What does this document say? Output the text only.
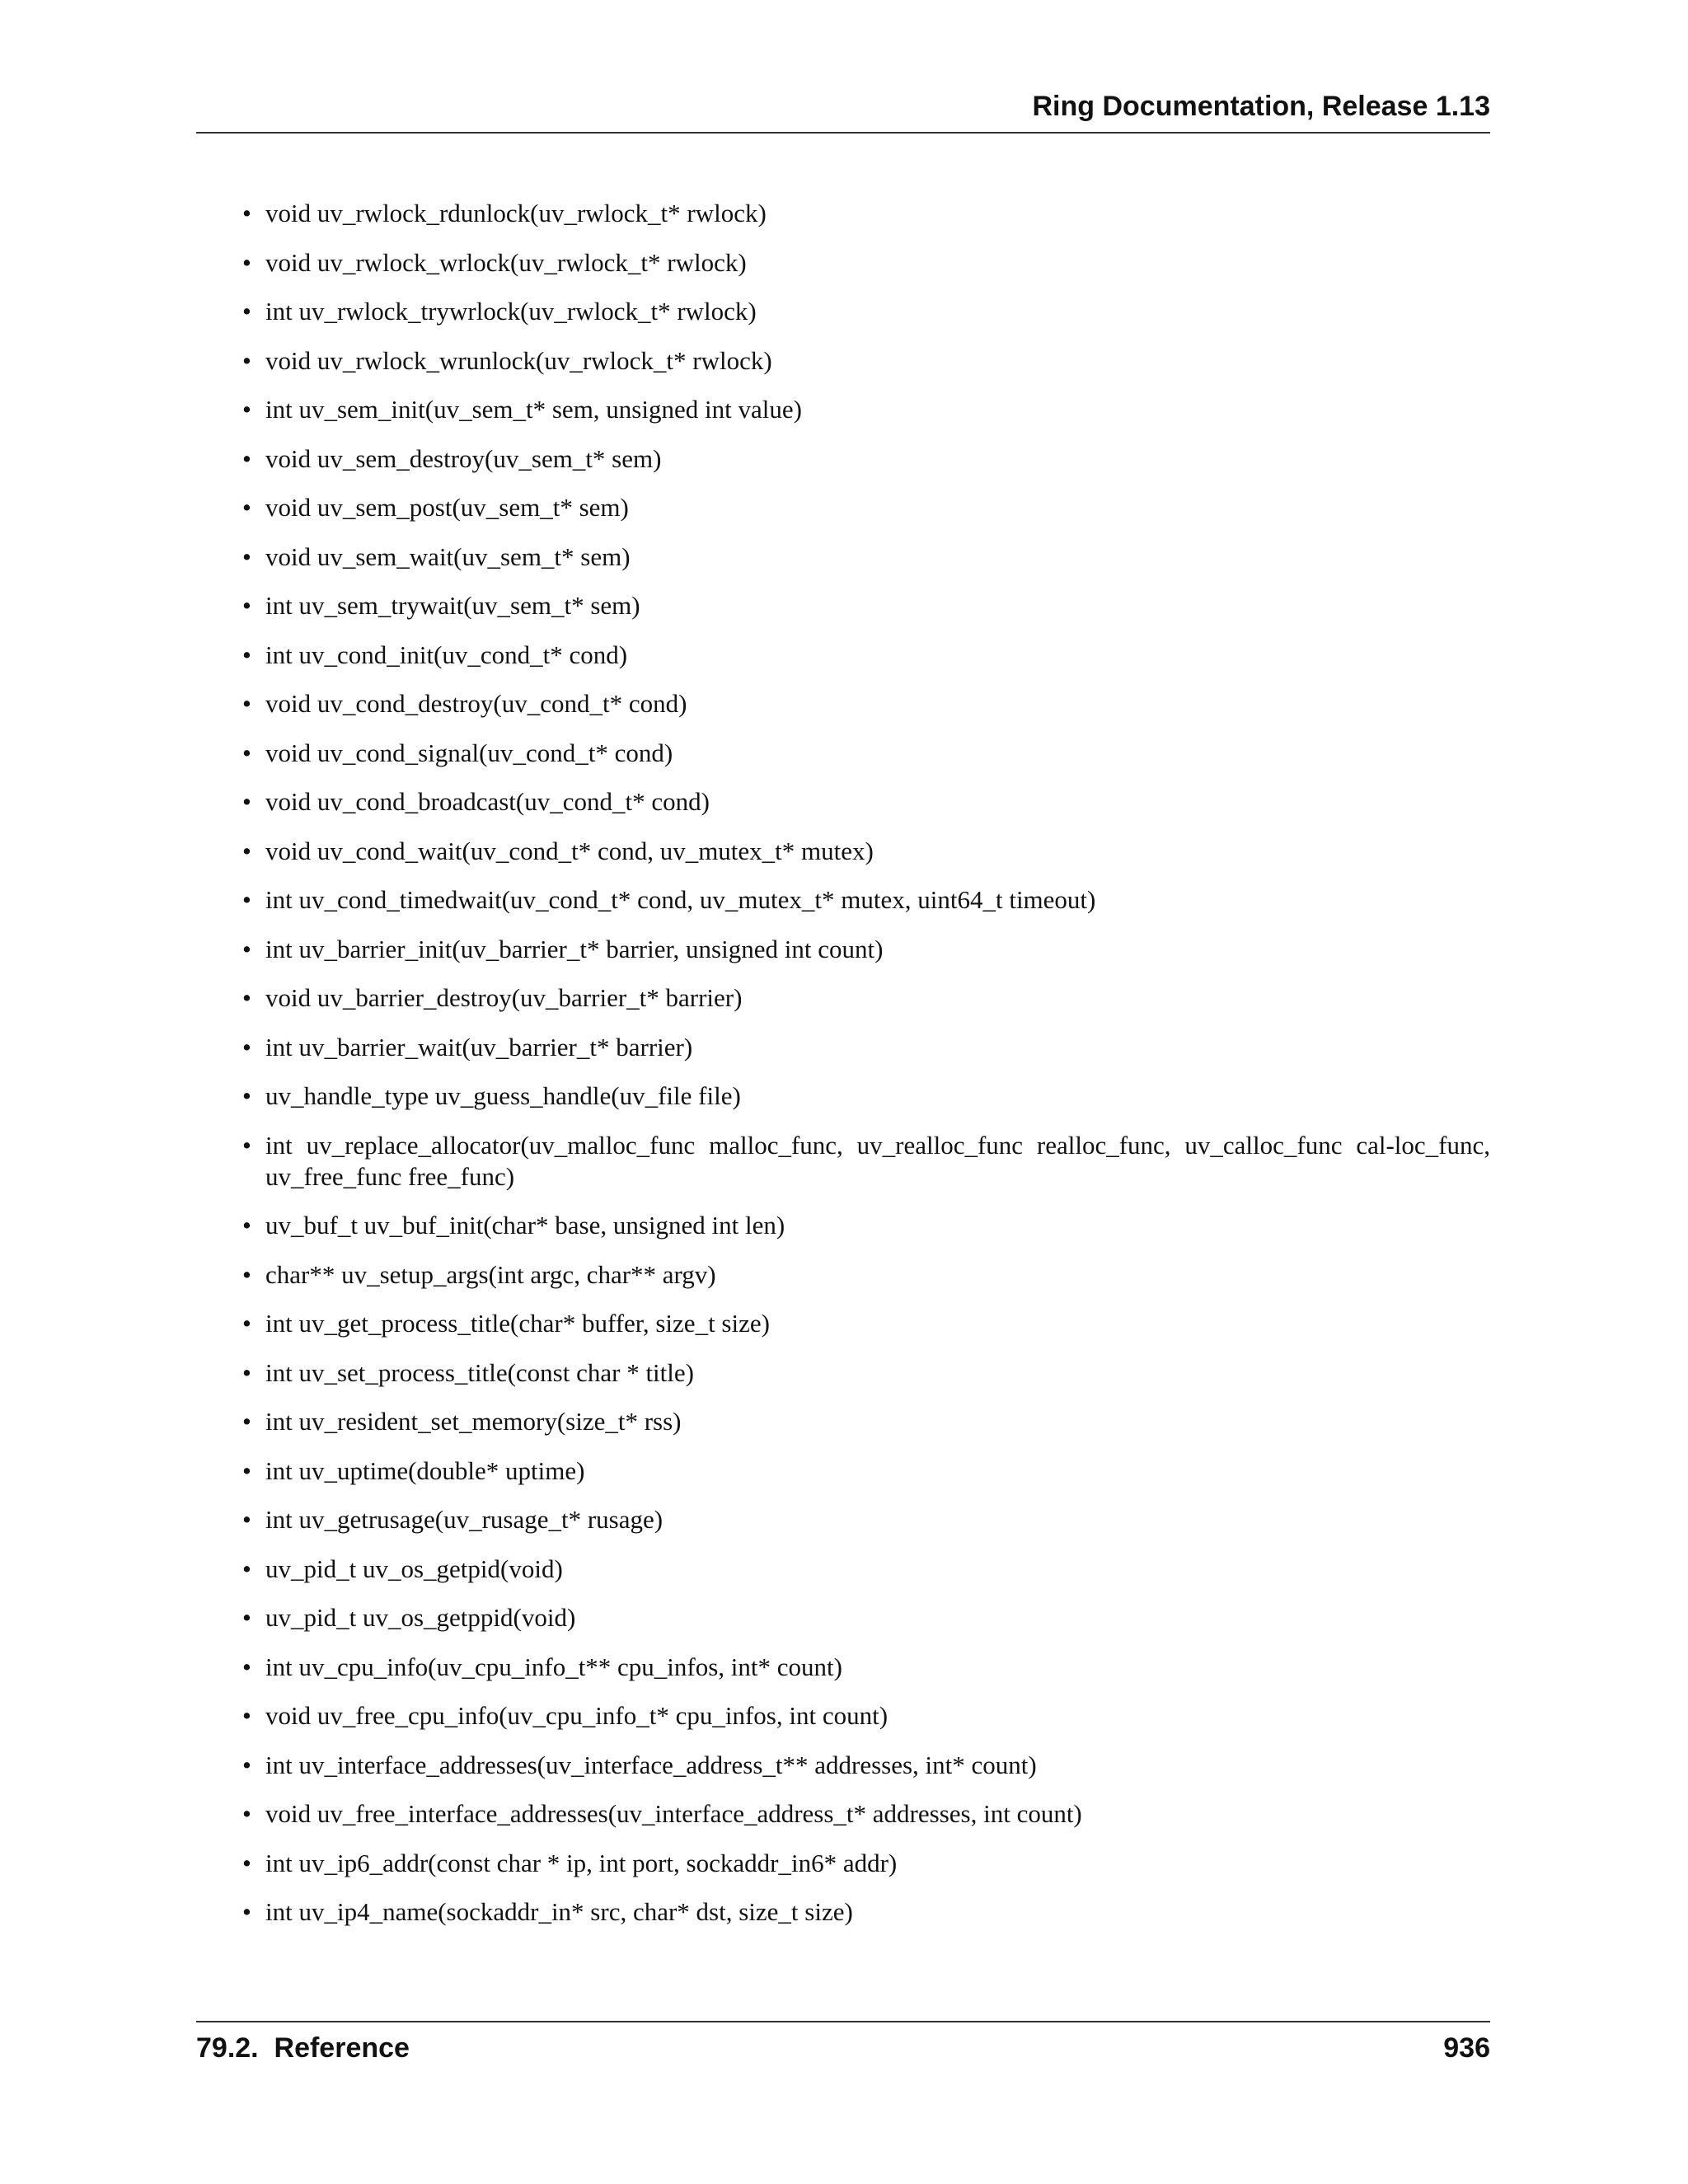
Ring Documentation, Release 1.13
• void uv_rwlock_rdunlock(uv_rwlock_t* rwlock)
• void uv_rwlock_wrlock(uv_rwlock_t* rwlock)
• int uv_rwlock_trywrlock(uv_rwlock_t* rwlock)
• void uv_rwlock_wrunlock(uv_rwlock_t* rwlock)
• int uv_sem_init(uv_sem_t* sem, unsigned int value)
• void uv_sem_destroy(uv_sem_t* sem)
• void uv_sem_post(uv_sem_t* sem)
• void uv_sem_wait(uv_sem_t* sem)
• int uv_sem_trywait(uv_sem_t* sem)
• int uv_cond_init(uv_cond_t* cond)
• void uv_cond_destroy(uv_cond_t* cond)
• void uv_cond_signal(uv_cond_t* cond)
• void uv_cond_broadcast(uv_cond_t* cond)
• void uv_cond_wait(uv_cond_t* cond, uv_mutex_t* mutex)
• int uv_cond_timedwait(uv_cond_t* cond, uv_mutex_t* mutex, uint64_t timeout)
• int uv_barrier_init(uv_barrier_t* barrier, unsigned int count)
• void uv_barrier_destroy(uv_barrier_t* barrier)
• int uv_barrier_wait(uv_barrier_t* barrier)
• uv_handle_type uv_guess_handle(uv_file file)
• int uv_replace_allocator(uv_malloc_func malloc_func, uv_realloc_func realloc_func, uv_calloc_func cal-loc_func, uv_free_func free_func)
• uv_buf_t uv_buf_init(char* base, unsigned int len)
• char** uv_setup_args(int argc, char** argv)
• int uv_get_process_title(char* buffer, size_t size)
• int uv_set_process_title(const char * title)
• int uv_resident_set_memory(size_t* rss)
• int uv_uptime(double* uptime)
• int uv_getrusage(uv_rusage_t* rusage)
• uv_pid_t uv_os_getpid(void)
• uv_pid_t uv_os_getppid(void)
• int uv_cpu_info(uv_cpu_info_t** cpu_infos, int* count)
• void uv_free_cpu_info(uv_cpu_info_t* cpu_infos, int count)
• int uv_interface_addresses(uv_interface_address_t** addresses, int* count)
• void uv_free_interface_addresses(uv_interface_address_t* addresses, int count)
• int uv_ip6_addr(const char * ip, int port, sockaddr_in6* addr)
• int uv_ip4_name(sockaddr_in* src, char* dst, size_t size)
79.2.  Reference	936
